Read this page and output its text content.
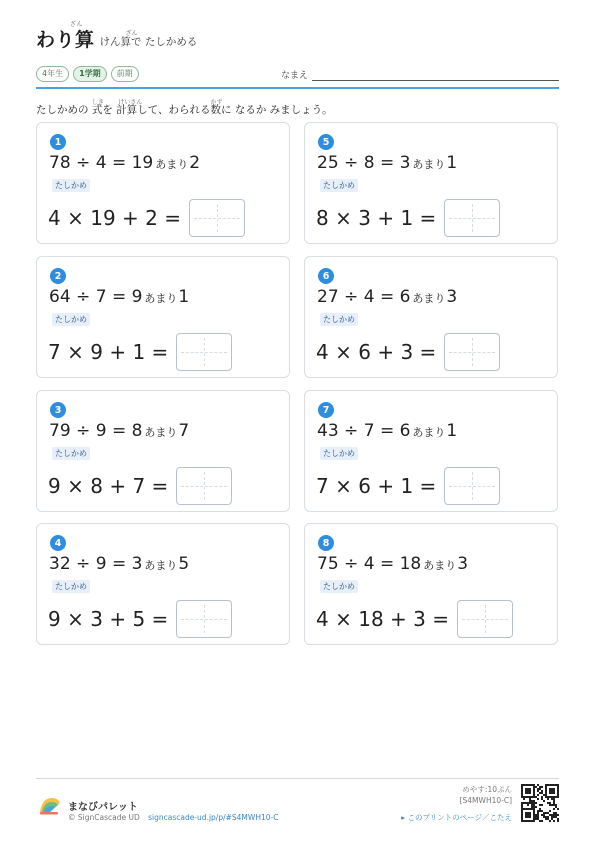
わり算
ざん
けん算で たしかめる
ざん
4年生	1学期	前期	なまえ
たしかめの 式
しき
を 計算
けいさん
して、わられる数
かず
に なるか みましょう。
1
78
÷
4
=
19 あまり 2
たしかめ
4
×
19
+
2
=
2
64
÷
7
=
9 あまり 1
たしかめ
7
×
9
+
1
=
3
79
÷
9
=
8 あまり 7
たしかめ
9
×
8
+
7
=
4
32
÷
9
=
3 あまり 5
たしかめ
9
×
3
+
5
=
5
25
÷
8
=
3 あまり 1
たしかめ
8
×
3
+
1
=
6
27
÷
4
=
6 あまり 3
たしかめ
4
×
6
+
3
=
7
43
÷
7
=
6 あまり 1
たしかめ
7
×
6
+
1
=
8
75
÷
4
=
18 あまり 3
たしかめ
4
×
18
+
3
=
まなびパレット
© SignCascade UD signcascade-ud.jp/p/#S4MWH10-C
めやす:10ぷん
[S4MWH10-C]
▸ このプリントのページ／こたえ
